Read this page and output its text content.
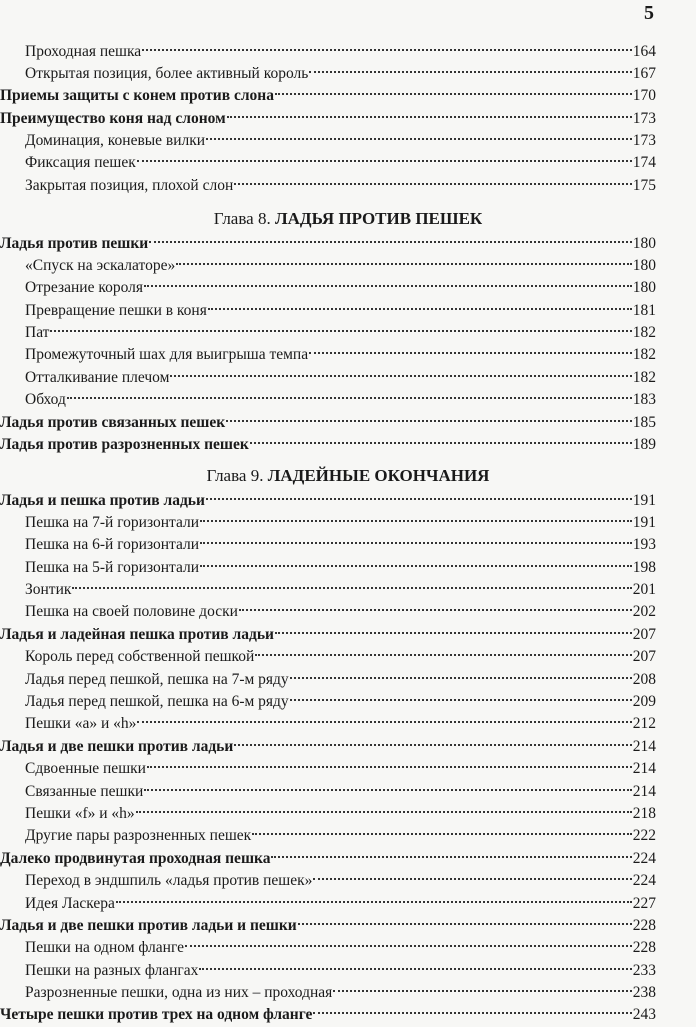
5
Проходная пешка	164
Открытая позиция, более активный король	167
Приемы защиты с конем против слона	170
Преимущество коня над слоном	173
Доминация, коневые вилки	173
Фиксация пешек	174
Закрытая позиция, плохой слон	175
Глава 8. ЛАДЬЯ ПРОТИВ ПЕШЕК
Ладья против пешки	180
«Спуск на эскалаторе»	180
Отрезание короля	180
Превращение пешки в коня	181
Пат	182
Промежуточный шах для выигрыша темпа	182
Отталкивание плечом	182
Обход	183
Ладья против связанных пешек	185
Ладья против разрозненных пешек	189
Глава 9. ЛАДЕЙНЫЕ ОКОНЧАНИЯ
Ладья и пешка против ладьи	191
Пешка на 7-й горизонтали	191
Пешка на 6-й горизонтали	193
Пешка на 5-й горизонтали	198
Зонтик	201
Пешка на своей половине доски	202
Ладья и ладейная пешка против ладьи	207
Король перед собственной пешкой	207
Ладья перед пешкой, пешка на 7-м ряду	208
Ладья перед пешкой, пешка на 6-м ряду	209
Пешки «a» и «h»	212
Ладья и две пешки против ладьи	214
Сдвоенные пешки	214
Связанные пешки	214
Пешки «f» и «h»	218
Другие пары разрозненных пешек	222
Далеко продвинутая проходная пешка	224
Переход в эндшпиль «ладья против пешек»	224
Идея Ласкера	227
Ладья и две пешки против ладьи и пешки	228
Пешки на одном фланге	228
Пешки на разных флангах	233
Разрозненные пешки, одна из них – проходная	238
Четыре пешки против трех на одном фланге	243
